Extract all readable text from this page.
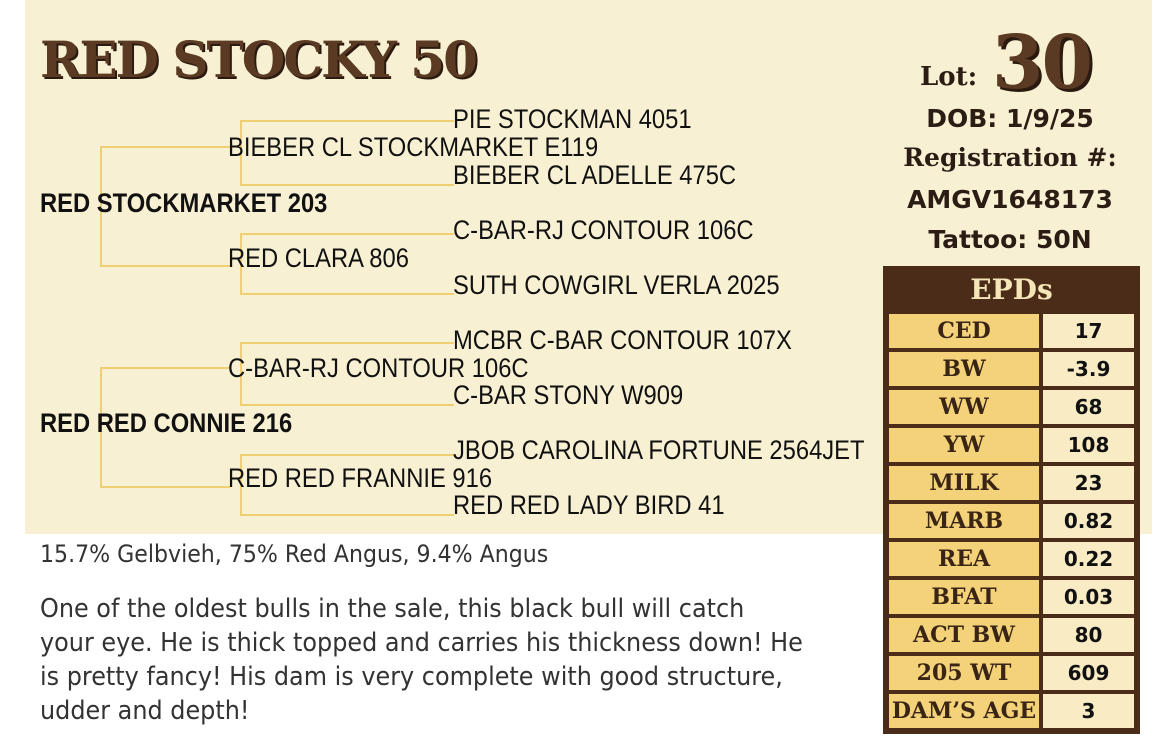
RED STOCKY 50
PIE STOCKMAN 4051
BIEBER CL STOCKMARKET E119
BIEBER CL ADELLE 475C
RED STOCKMARKET 203
C-BAR-RJ CONTOUR 106C
RED CLARA 806
SUTH COWGIRL VERLA 2025
MCBR C-BAR CONTOUR 107X
C-BAR-RJ CONTOUR 106C
C-BAR STONY W909
RED RED CONNIE 216
JBOB CAROLINA FORTUNE 2564JET
RED RED FRANNIE 916
RED RED LADY BIRD 41
Lot: 30
DOB: 1/9/25
Registration #:
AMGV1648173
Tattoo: 50N
EPDs
CED	17
BW	-3.9
WW	68
YW	108
MILK	23
MARB	0.82
REA	0.22
BFAT	0.03
ACT BW	80
205 WT	609
DAM’S AGE	3
15.7% Gelbvieh, 75% Red Angus, 9.4% Angus
One of the oldest bulls in the sale, this black bull will catch your eye. He is thick topped and carries his thickness down! He is pretty fancy! His dam is very complete with good structure, udder and depth!
